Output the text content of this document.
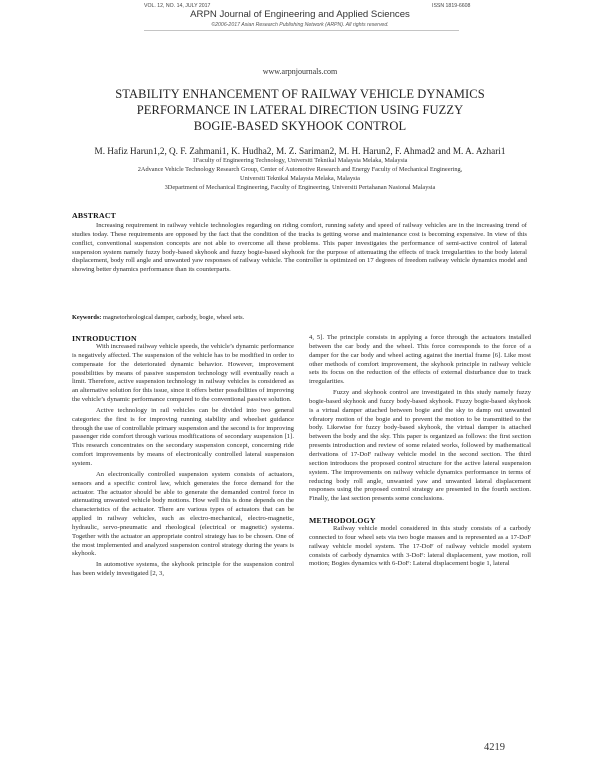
VOL. 12, NO. 14, JULY 2017	ISSN 1819-6608
ARPN Journal of Engineering and Applied Sciences
©2006-2017 Asian Research Publishing Network (ARPN). All rights reserved.
www.arpnjournals.com
STABILITY ENHANCEMENT OF RAILWAY VEHICLE DYNAMICS
PERFORMANCE IN LATERAL DIRECTION USING FUZZY
BOGIE-BASED SKYHOOK CONTROL
M. Hafiz Harun1,2, Q. F. Zahmani1, K. Hudha2, M. Z. Sariman2, M. H. Harun2, F. Ahmad2 and M. A. Azhari1
1Faculty of Engineering Technology, Universiti Teknikal Malaysia Melaka, Malaysia
2Advance Vehicle Technology Research Group, Center of Automotive Research and Energy Faculty of Mechanical Engineering,
Universiti Teknikal Malaysia Melaka, Malaysia
3Department of Mechanical Engineering, Faculty of Engineering, Universiti Pertahanan Nasional Malaysia
ABSTRACT
Increasing requirement in railway vehicle technologies regarding on riding comfort, running safety and speed of railway vehicles are in the increasing trend of studies today. These requirements are opposed by the fact that the condition of the tracks is getting worse and maintenance cost is becoming expensive. In view of this conflict, conventional suspension concepts are not able to overcome all these problems. This paper investigates the performance of semi-active control of lateral suspension system namely fuzzy body-based skyhook and fuzzy bogie-based skyhook for the purpose of attenuating the effects of track irregularities to the body lateral displacement, body roll angle and unwanted yaw responses of railway vehicle. The controller is optimized on 17 degrees of freedom railway vehicle dynamics model and showing better dynamics performance than its counterparts.
Keywords: magnetorheological damper, carbody, bogie, wheel sets.
INTRODUCTION

With increased railway vehicle speeds, the vehicle’s dynamic performance is negatively affected. The suspension of the vehicle has to be modified in order to compensate for the deteriorated dynamic behavior. However, improvement possibilities by means of passive suspension technology will eventually reach a limit. Therefore, active suspension technology in railway vehicles is considered as an alternative solution for this issue, since it offers better possibilities of improving the vehicle’s dynamic performance compared to the conventional passive solution.

Active technology in rail vehicles can be divided into two general categories: the first is for improving running stability and wheelset guidance through the use of controllable primary suspension and the second is for improving passenger ride comfort through various modifications of secondary suspension [1]. This research concentrates on the secondary suspension concept, concerning ride comfort improvements by means of electronically controlled lateral suspension system.

An electronically controlled suspension system consists of actuators, sensors and a specific control law, which generates the force demand for the actuator. The actuator should be able to generate the demanded control force in attenuating unwanted vehicle body motions. How well this is done depends on the characteristics of the actuator. There are various types of actuators that can be applied in railway vehicles, such as electro-mechanical, electro-magnetic, hydraulic, servo-pneumatic and rheological (electrical or magnetic) systems. Together with the actuator an appropriate control strategy has to be chosen. One of the most implemented and analyzed suspension control strategy during the years is skyhook.

In automotive systems, the skyhook principle for the suspension control has been widely investigated [2, 3,

4, 5]. The principle consists in applying a force through the actuators installed between the car body and the wheel. This force corresponds to the force of a damper for the car body and wheel acting against the inertial frame [6]. Like most other methods of comfort improvement, the skyhook principle in railway vehicle sets its focus on the reduction of the effects of external disturbance due to track irregularities.

Fuzzy and skyhook control are investigated in this study namely fuzzy bogie-based skyhook and fuzzy body-based skyhook. Fuzzy bogie-based skyhook is a virtual damper attached between bogie and the sky to damp out unwanted vibratory motion of the bogie and to prevent the motion to be transmitted to the body. Likewise for fuzzy body-based skyhook, the virtual damper is attached between the body and the sky. This paper is organized as follows: the first section presents introduction and review of some related works, followed by mathematical derivations of 17-DoF railway vehicle model in the second section. The third section introduces the proposed control structure for the active lateral suspension system. The improvements on railway vehicle dynamics performance in terms of reducing body roll angle, unwanted yaw and unwanted lateral displacement responses using the proposed control strategy are presented in the fourth section. Finally, the last section presents some conclusions.

METHODOLOGY

Railway vehicle model considered in this study consists of a carbody connected to four wheel sets via two bogie masses and is represented as a 17-DoF railway vehicle model system. The 17-DoF of railway vehicle model system consists of carbody dynamics with 3-DoF: lateral displacement, yaw motion, roll motion; Bogies dynamics with 6-DoF: Lateral displacement bogie 1, lateral

4219
